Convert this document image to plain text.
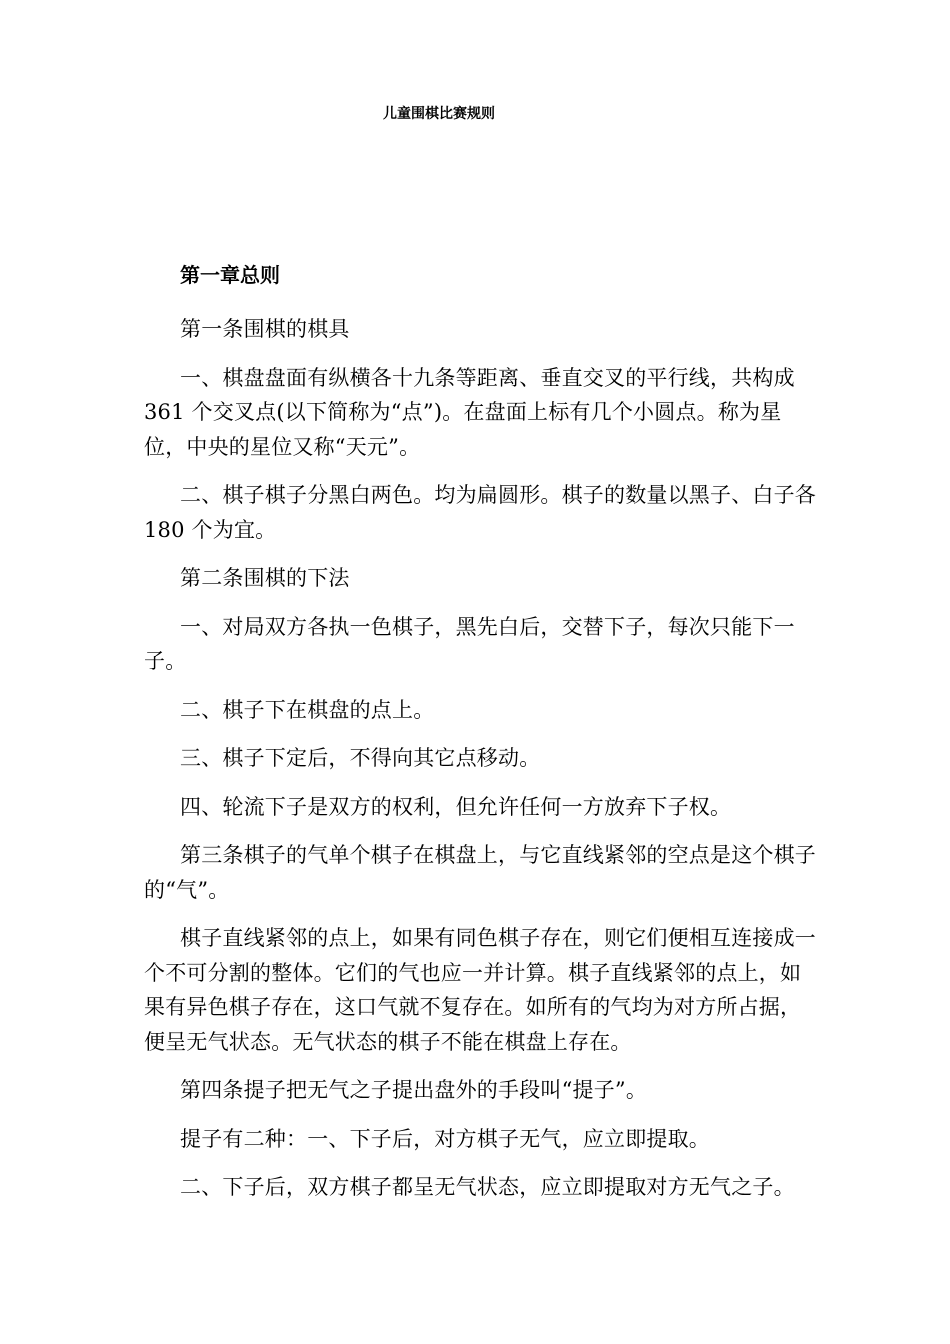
儿童围棋比赛规则
第一章总则

第一条围棋的棋具

一、棋盘盘面有纵横各十九条等距离、垂直交叉的平行线，共构成 361 个交叉点(以下简称为“点”)。在盘面上标有几个小圆点。称为星位，中央的星位又称“天元”。

二、棋子棋子分黑白两色。均为扁圆形。棋子的数量以黑子、白子各 180 个为宜。

第二条围棋的下法

一、对局双方各执一色棋子，黑先白后，交替下子，每次只能下一子。

二、棋子下在棋盘的点上。

三、棋子下定后，不得向其它点移动。

四、轮流下子是双方的权利，但允许任何一方放弃下子权。

第三条棋子的气单个棋子在棋盘上，与它直线紧邻的空点是这个棋子的“气”。

棋子直线紧邻的点上，如果有同色棋子存在，则它们便相互连接成一个不可分割的整体。它们的气也应一并计算。棋子直线紧邻的点上，如果有异色棋子存在，这口气就不复存在。如所有的气均为对方所占据，便呈无气状态。无气状态的棋子不能在棋盘上存在。

第四条提子把无气之子提出盘外的手段叫“提子”。

提子有二种：一、下子后，对方棋子无气，应立即提取。

二、下子后，双方棋子都呈无气状态，应立即提取对方无气之子。
